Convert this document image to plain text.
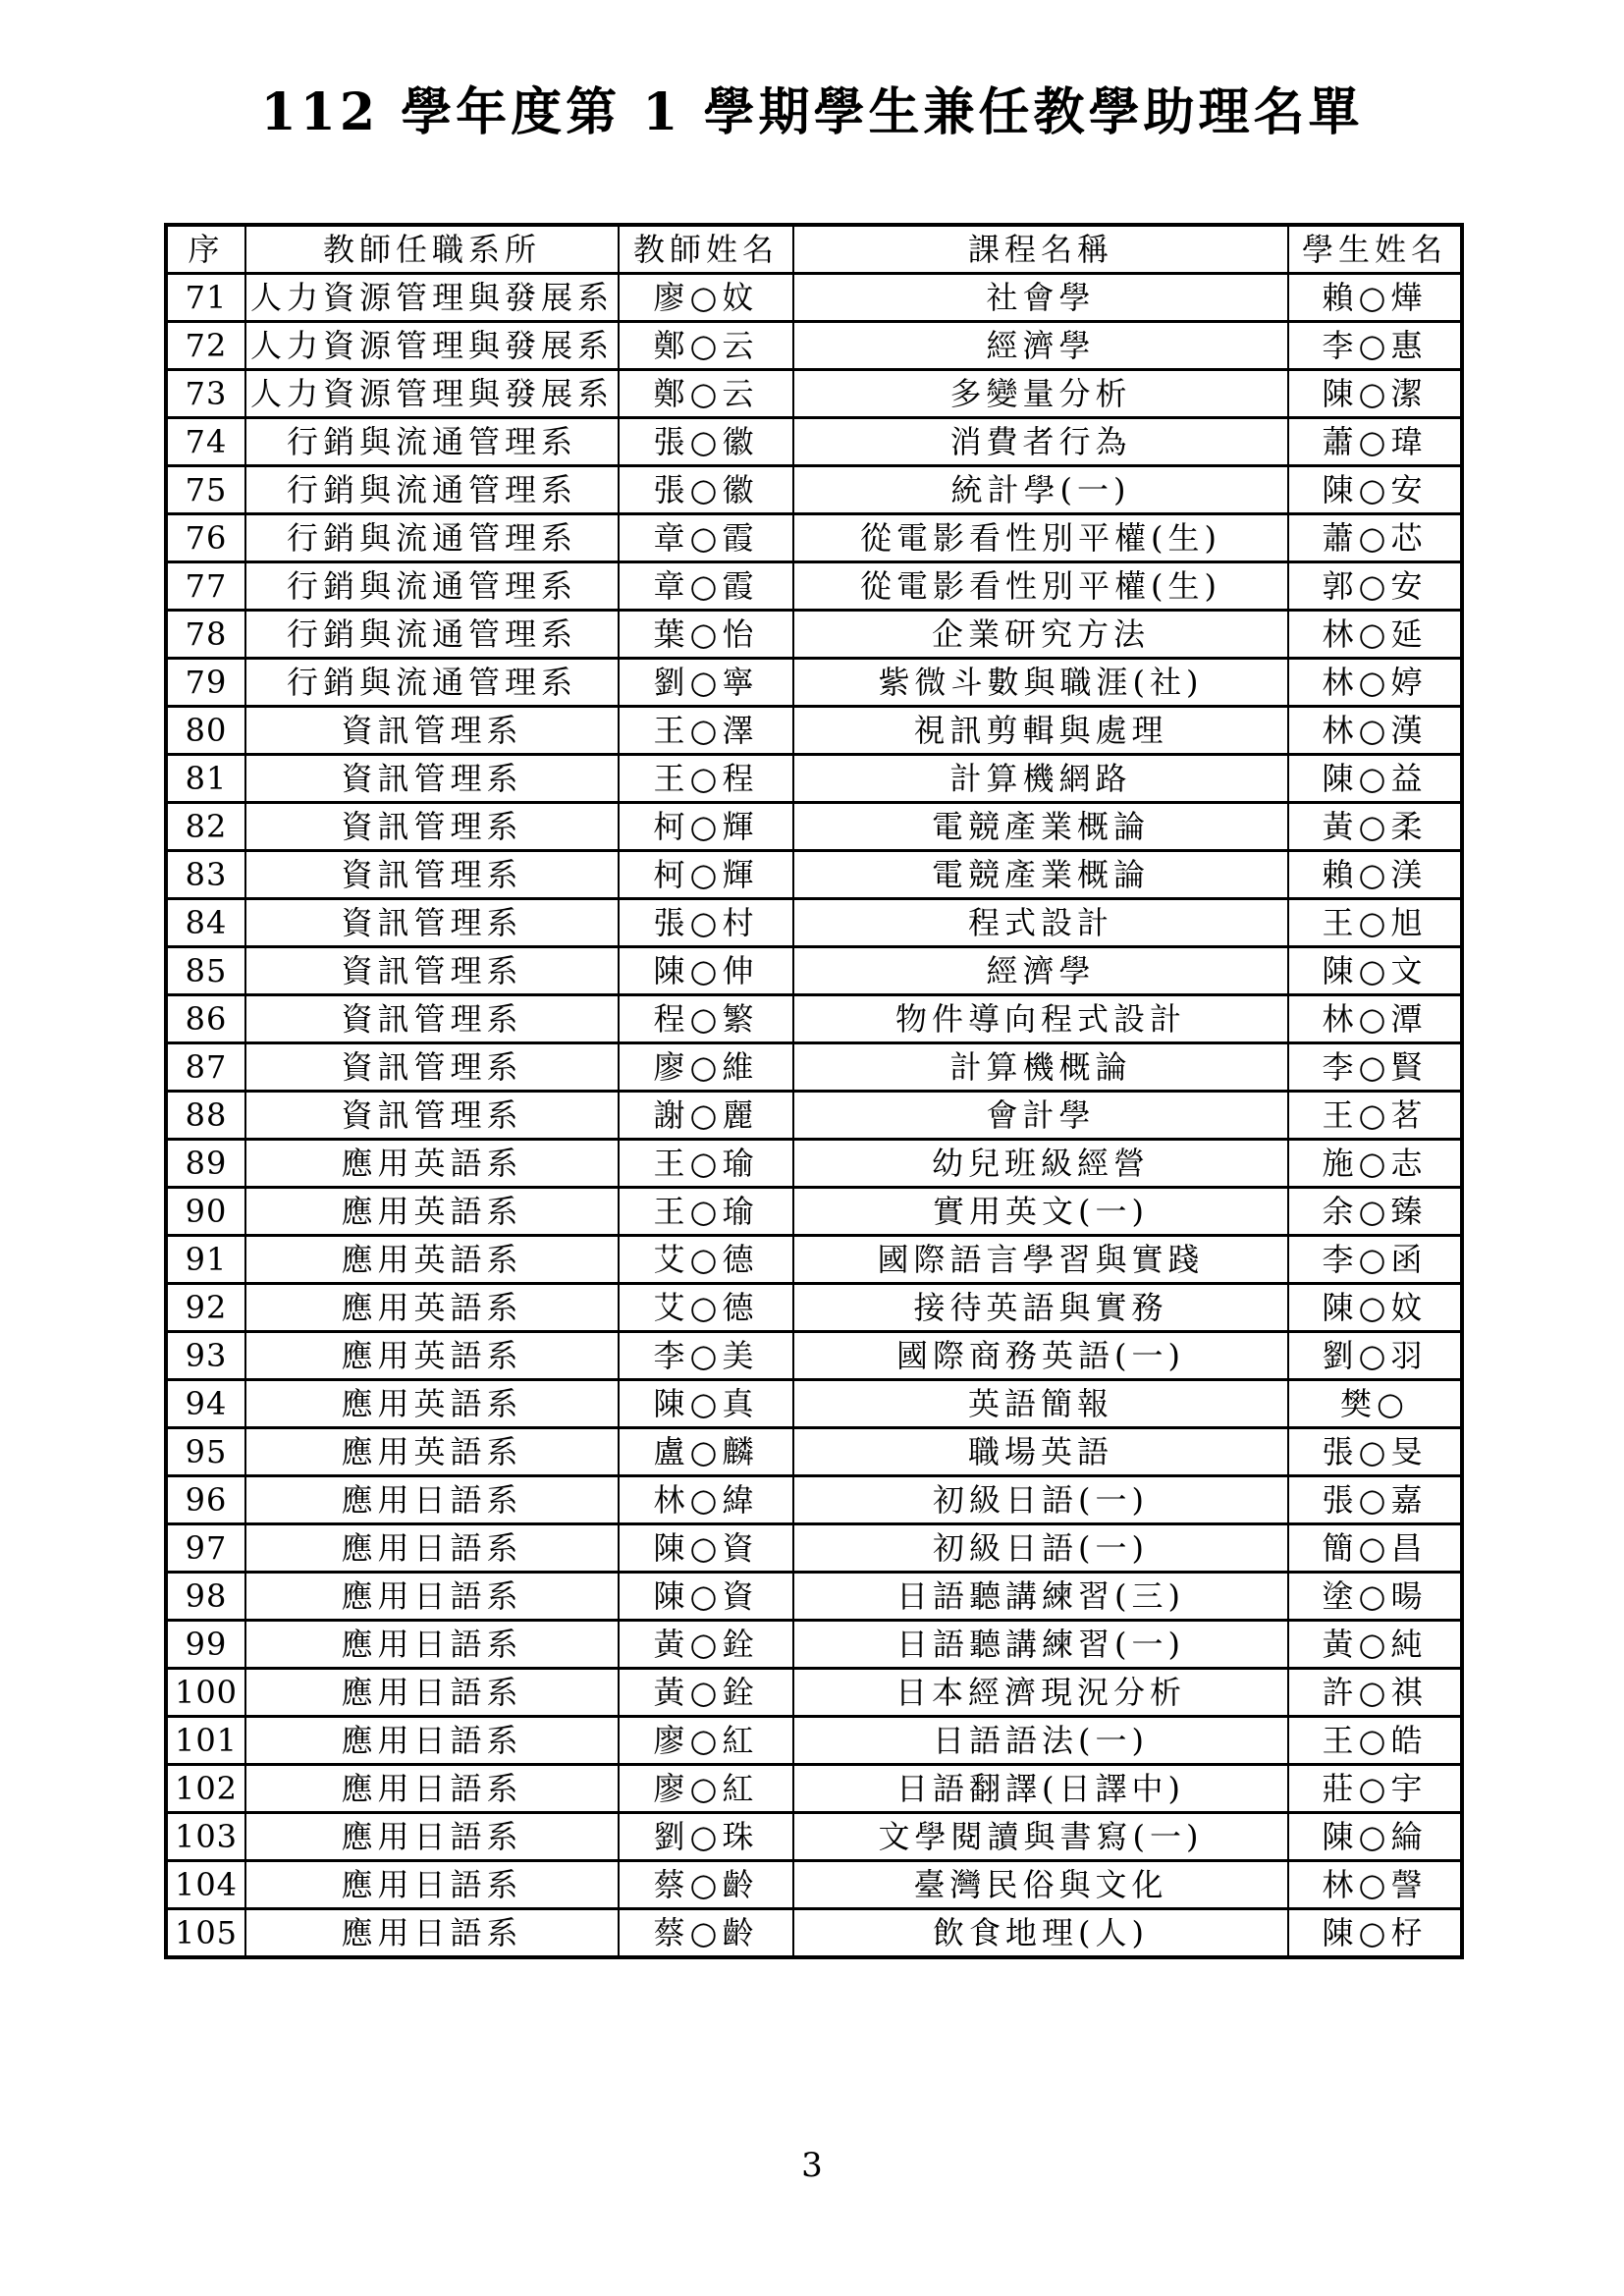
112 學年度第 1 學期學生兼任教學助理名單
序	教師任職系所	教師姓名	課程名稱	學生姓名
71	人力資源管理與發展系	廖○妏	社會學	賴○燁
72	人力資源管理與發展系	鄭○云	經濟學	李○惠
73	人力資源管理與發展系	鄭○云	多變量分析	陳○潔
74	行銷與流通管理系	張○徽	消費者行為	蕭○瑋
75	行銷與流通管理系	張○徽	統計學(一)	陳○安
76	行銷與流通管理系	章○霞	從電影看性別平權(生)	蕭○芯
77	行銷與流通管理系	章○霞	從電影看性別平權(生)	郭○安
78	行銷與流通管理系	葉○怡	企業研究方法	林○延
79	行銷與流通管理系	劉○寧	紫微斗數與職涯(社)	林○婷
80	資訊管理系	王○澤	視訊剪輯與處理	林○漢
81	資訊管理系	王○程	計算機網路	陳○益
82	資訊管理系	柯○輝	電競產業概論	黃○柔
83	資訊管理系	柯○輝	電競產業概論	賴○渼
84	資訊管理系	張○村	程式設計	王○旭
85	資訊管理系	陳○伸	經濟學	陳○文
86	資訊管理系	程○繁	物件導向程式設計	林○潭
87	資訊管理系	廖○維	計算機概論	李○賢
88	資訊管理系	謝○麗	會計學	王○茗
89	應用英語系	王○瑜	幼兒班級經營	施○志
90	應用英語系	王○瑜	實用英文(一)	余○臻
91	應用英語系	艾○德	國際語言學習與實踐	李○函
92	應用英語系	艾○德	接待英語與實務	陳○妏
93	應用英語系	李○美	國際商務英語(一)	劉○羽
94	應用英語系	陳○真	英語簡報	樊○
95	應用英語系	盧○麟	職場英語	張○旻
96	應用日語系	林○緯	初級日語(一)	張○嘉
97	應用日語系	陳○資	初級日語(一)	簡○昌
98	應用日語系	陳○資	日語聽講練習(三)	塗○暘
99	應用日語系	黃○銓	日語聽講練習(一)	黃○純
100	應用日語系	黃○銓	日本經濟現況分析	許○祺
101	應用日語系	廖○紅	日語語法(一)	王○皓
102	應用日語系	廖○紅	日語翻譯(日譯中)	莊○宇
103	應用日語系	劉○珠	文學閱讀與書寫(一)	陳○綸
104	應用日語系	蔡○齡	臺灣民俗與文化	林○謦
105	應用日語系	蔡○齡	飲食地理(人)	陳○杍
3
